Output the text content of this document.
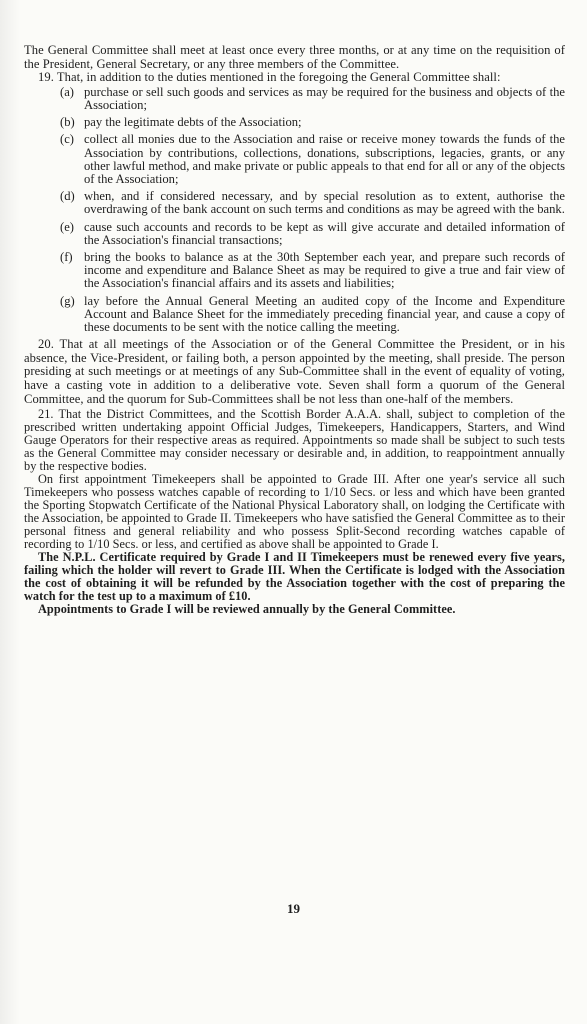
The General Committee shall meet at least once every three months, or at any time on the requisition of the President, General Secretary, or any three members of the Committee.

19. That, in addition to the duties mentioned in the foregoing the General Committee shall:

(a) purchase or sell such goods and services as may be required for the business and objects of the Association;
(b) pay the legitimate debts of the Association;
(c) collect all monies due to the Association and raise or receive money towards the funds of the Association by contributions, collections, donations, subscriptions, legacies, grants, or any other lawful method, and make private or public appeals to that end for all or any of the objects of the Association;
(d) when, and if considered necessary, and by special resolution as to extent, authorise the overdrawing of the bank account on such terms and conditions as may be agreed with the bank.
(e) cause such accounts and records to be kept as will give accurate and detailed information of the Association's financial transactions;
(f) bring the books to balance as at the 30th September each year, and prepare such records of income and expenditure and Balance Sheet as may be required to give a true and fair view of the Association's financial affairs and its assets and liabilities;
(g) lay before the Annual General Meeting an audited copy of the Income and Expenditure Account and Balance Sheet for the immediately preceding financial year, and cause a copy of these documents to be sent with the notice calling the meeting.

20. That at all meetings of the Association or of the General Committee the President, or in his absence, the Vice-President, or failing both, a person appointed by the meeting, shall preside. The person presiding at such meetings or at meetings of any Sub-Committee shall in the event of equality of voting, have a casting vote in addition to a deliberative vote. Seven shall form a quorum of the General Committee, and the quorum for Sub-Committees shall be not less than one-half of the members.

21. That the District Committees, and the Scottish Border A.A.A. shall, subject to completion of the prescribed written undertaking appoint Official Judges, Timekeepers, Handicappers, Starters, and Wind Gauge Operators for their respective areas as required. Appointments so made shall be subject to such tests as the General Committee may consider necessary or desirable and, in addition, to reappointment annually by the respective bodies.

On first appointment Timekeepers shall be appointed to Grade III. After one year's service all such Timekeepers who possess watches capable of recording to 1/10 Secs. or less and which have been granted the Sporting Stopwatch Certificate of the National Physical Laboratory shall, on lodging the Certificate with the Association, be appointed to Grade II. Timekeepers who have satisfied the General Committee as to their personal fitness and general reliability and who possess Split-Second recording watches capable of recording to 1/10 Secs. or less, and certified as above shall be appointed to Grade I.

The N.P.L. Certificate required by Grade I and II Timekeepers must be renewed every five years, failing which the holder will revert to Grade III. When the Certificate is lodged with the Association the cost of obtaining it will be refunded by the Association together with the cost of preparing the watch for the test up to a maximum of £10.

Appointments to Grade I will be reviewed annually by the General Committee.

19
